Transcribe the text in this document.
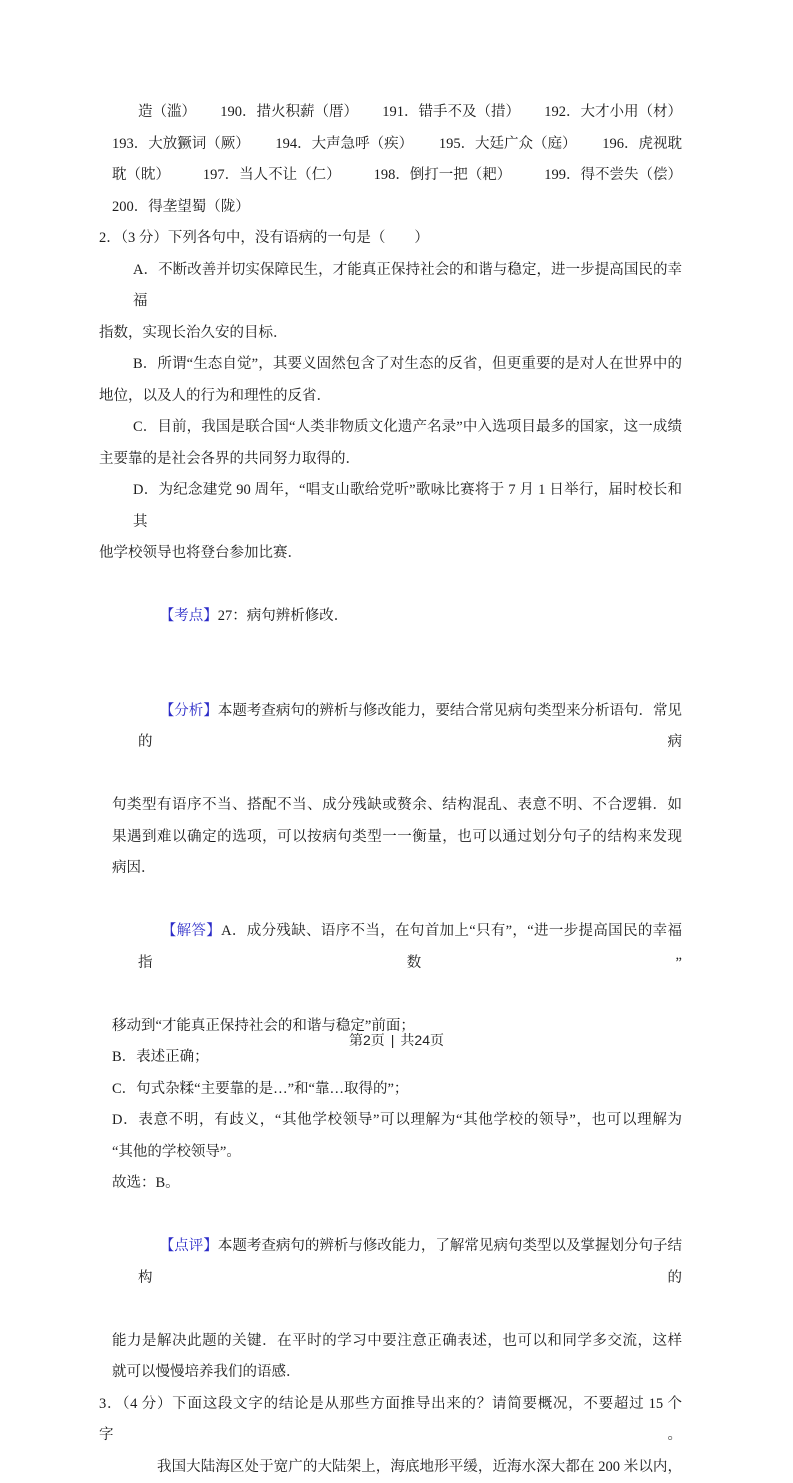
造（滥） 190．措火积薪（厝） 191．错手不及（措） 192．大才小用（材）
193．大放獗词（厥） 194．大声急呼（疾） 195．大廷广众（庭） 196．虎视耽
耽（眈） 197．当人不让（仁） 198．倒打一把（耙） 199．得不尝失（偿）
200．得垄望蜀（陇）
2．（3 分）下列各句中，没有语病的一句是（　　）
A．不断改善并切实保障民生，才能真正保持社会的和谐与稳定，进一步提高国民的幸福
指数，实现长治久安的目标．
B．所谓“生态自觉”，其要义固然包含了对生态的反省，但更重要的是对人在世界中的
地位，以及人的行为和理性的反省．
C．目前，我国是联合国“人类非物质文化遗产名录”中入选项目最多的国家，这一成绩
主要靠的是社会各界的共同努力取得的．
D．为纪念建党 90 周年，“唱支山歌给党听”歌咏比赛将于 7 月 1 日举行，届时校长和其
他学校领导也将登台参加比赛．

【考点】27：病句辨析修改．

【分析】本题考查病句的辨析与修改能力，要结合常见病句类型来分析语句．常见的病

句类型有语序不当、搭配不当、成分残缺或赘余、结构混乱、表意不明、不合逻辑．如
果遇到难以确定的选项，可以按病句类型一一衡量，也可以通过划分句子的结构来发现
病因．

【解答】A．成分残缺、语序不当，在句首加上“只有”，“进一步提高国民的幸福指数”

移动到“才能真正保持社会的和谐与稳定”前面；
B．表述正确；
C．句式杂糅“主要靠的是…”和“靠…取得的”；
D．表意不明，有歧义，“其他学校领导”可以理解为“其他学校的领导”，也可以理解为
“其他的学校领导”。
故选：B。

【点评】本题考查病句的辨析与修改能力，了解常见病句类型以及掌握划分句子结构的

能力是解决此题的关键．在平时的学习中要注意正确表述，也可以和同学多交流，这样
就可以慢慢培养我们的语感．
3．（4 分）下面这段文字的结论是从那些方面推导出来的？请简要概况，不要超过 15 个字。
我国大陆海区处于宽广的大陆架上，海底地形平缓，近海水深大都在 200 米以内，
第2页 | 共24页
